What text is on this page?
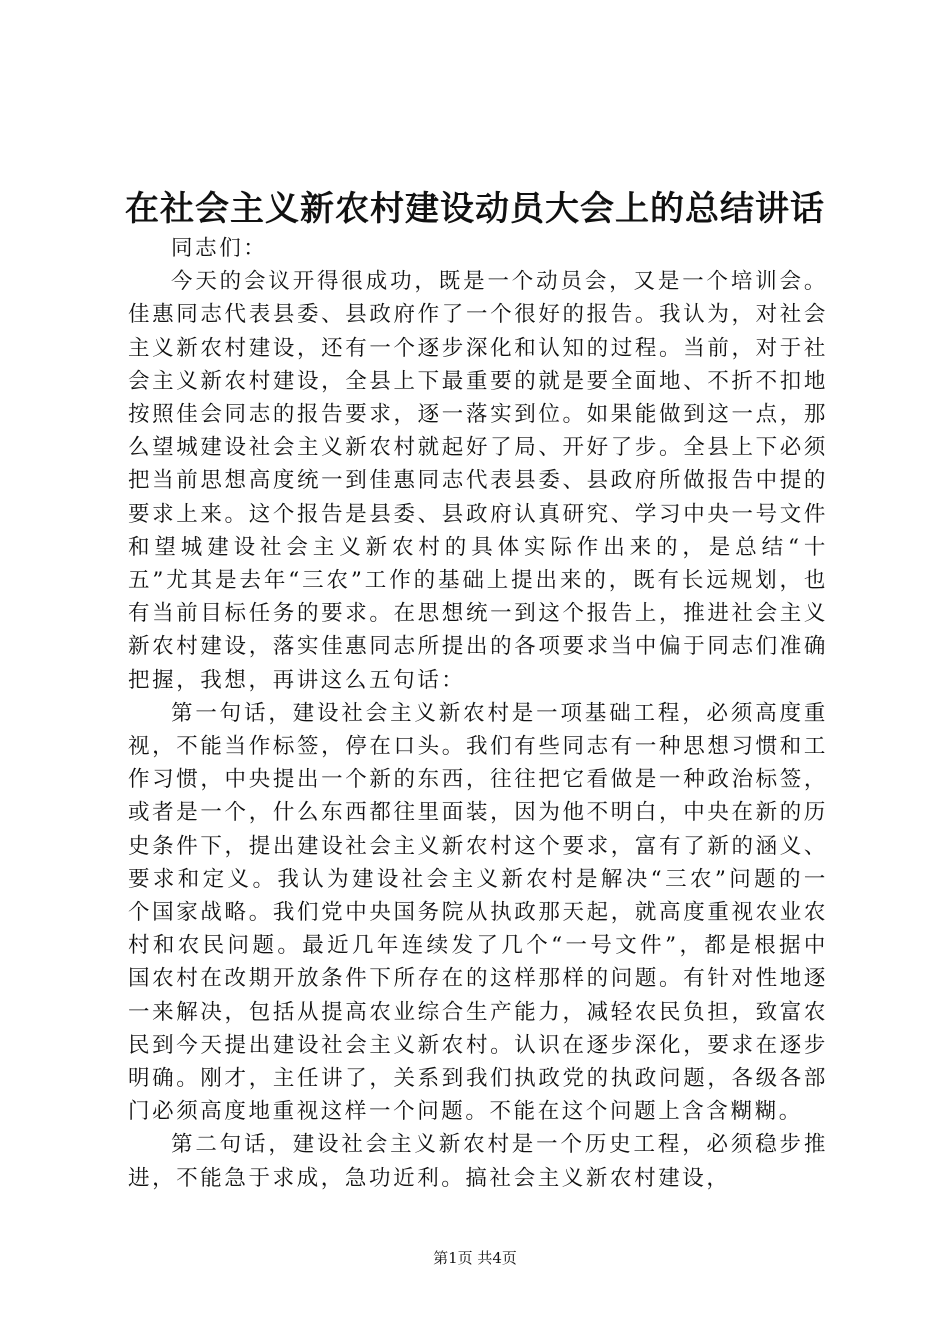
在社会主义新农村建设动员大会上的总结讲话

同志们：

今天的会议开得很成功，既是一个动员会，又是一个培训会。佳惠同志代表县委、县政府作了一个很好的报告。我认为，对社会主义新农村建设，还有一个逐步深化和认知的过程。当前，对于社会主义新农村建设，全县上下最重要的就是要全面地、不折不扣地按照佳会同志的报告要求，逐一落实到位。如果能做到这一点，那么望城建设社会主义新农村就起好了局、开好了步。全县上下必须把当前思想高度统一到佳惠同志代表县委、县政府所做报告中提的要求上来。这个报告是县委、县政府认真研究、学习中央一号文件和望城建设社会主义新农村的具体实际作出来的，是总结“十五”尤其是去年“三农”工作的基础上提出来的，既有长远规划，也有当前目标任务的要求。在思想统一到这个报告上，推进社会主义新农村建设，落实佳惠同志所提出的各项要求当中偏于同志们准确把握，我想，再讲这么五句话：

第一句话，建设社会主义新农村是一项基础工程，必须高度重视，不能当作标签，停在口头。我们有些同志有一种思想习惯和工作习惯，中央提出一个新的东西，往往把它看做是一种政治标签，或者是一个，什么东西都往里面装，因为他不明白，中央在新的历史条件下，提出建设社会主义新农村这个要求，富有了新的涵义、要求和定义。我认为建设社会主义新农村是解决“三农”问题的一个国家战略。我们党中央国务院从执政那天起，就高度重视农业农村和农民问题。最近几年连续发了几个“一号文件”，都是根据中国农村在改期开放条件下所存在的这样那样的问题。有针对性地逐一来解决，包括从提高农业综合生产能力，减轻农民负担，致富农民到今天提出建设社会主义新农村。认识在逐步深化，要求在逐步明确。刚才，主任讲了，关系到我们执政党的执政问题，各级各部门必须高度地重视这样一个问题。不能在这个问题上含含糊糊。

第二句话，建设社会主义新农村是一个历史工程，必须稳步推进，不能急于求成，急功近利。搞社会主义新农村建设，

第1页 共4页
